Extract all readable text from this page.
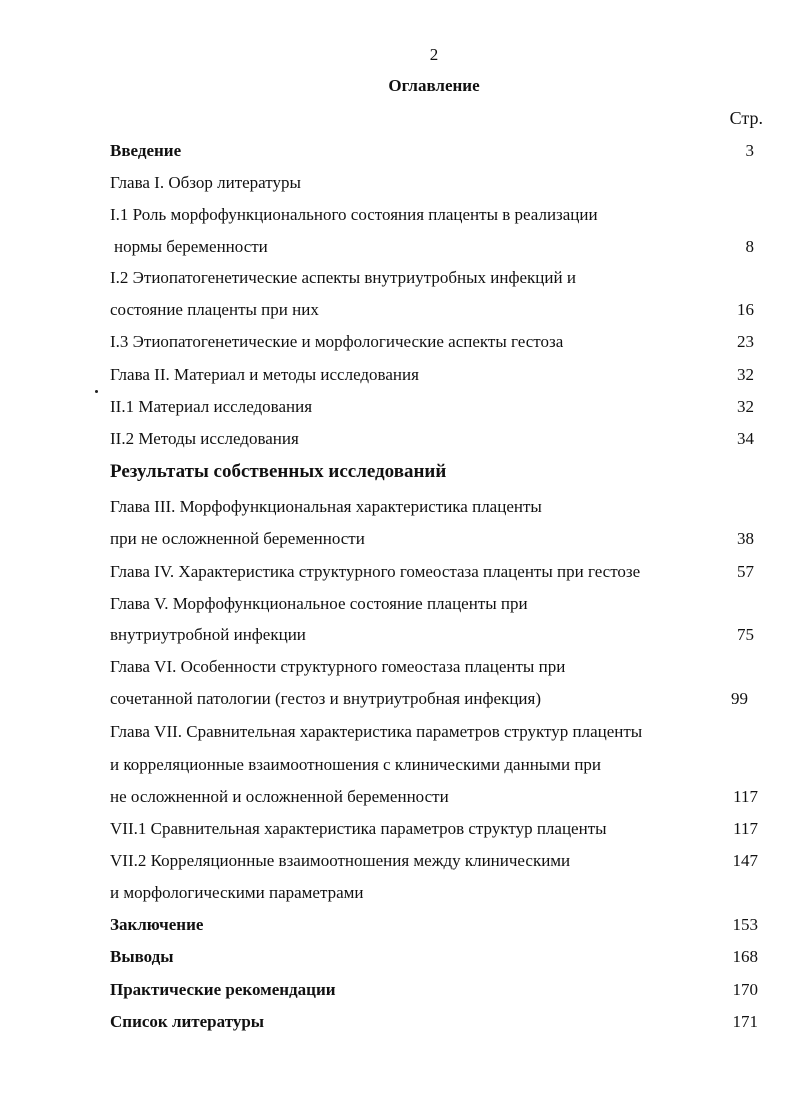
2
Оглавление
Стр.
Введение	3
Глава I. Обзор литературы
I.1 Роль морфофункционального состояния плаценты в реализации
нормы беременности	8
I.2 Этиопатогенетические аспекты внутриутробных инфекций и
состояние плаценты при них	16
I.3 Этиопатогенетические и морфологические аспекты гестоза	23
Глава II. Материал и методы исследования	32
II.1 Материал исследования	32
II.2 Методы исследования	34
Результаты собственных исследований
Глава III. Морфофункциональная характеристика плаценты
при не осложненной беременности	38
Глава IV. Характеристика структурного гомеостаза плаценты при гестозе	57
Глава V. Морфофункциональное состояние плаценты при
внутриутробной инфекции	75
Глава VI. Особенности структурного гомеостаза плаценты при
сочетанной патологии (гестоз и внутриутробная инфекция)	99
Глава VII. Сравнительная характеристика параметров структур плаценты
и корреляционные взаимоотношения с клиническими данными при
не осложненной и осложненной беременности	117
VII.1 Сравнительная характеристика параметров структур плаценты	117
VII.2 Корреляционные взаимоотношения между клиническими	147
и морфологическими параметрами
Заключение	153
Выводы	168
Практические рекомендации	170
Список литературы	171
